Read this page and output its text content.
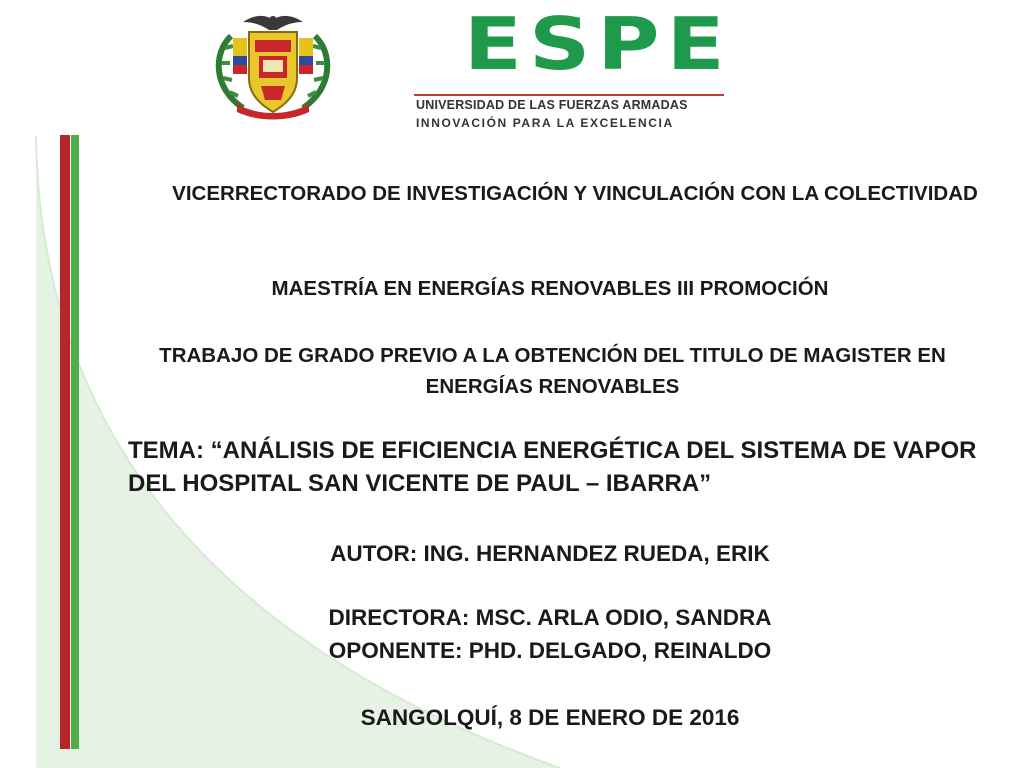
ESPE
UNIVERSIDAD DE LAS FUERZAS ARMADAS
INNOVACIÓN PARA LA EXCELENCIA
VICERRECTORADO DE INVESTIGACIÓN Y VINCULACIÓN CON LA COLECTIVIDAD
MAESTRÍA EN ENERGÍAS RENOVABLES III PROMOCIÓN
TRABAJO DE GRADO PREVIO A LA OBTENCIÓN DEL TITULO DE MAGISTER EN ENERGÍAS RENOVABLES
TEMA: “ANÁLISIS DE EFICIENCIA ENERGÉTICA DEL SISTEMA DE VAPOR DEL HOSPITAL SAN VICENTE DE PAUL – IBARRA”
AUTOR: ING. HERNANDEZ RUEDA, ERIK
DIRECTORA: MSC. ARLA ODIO, SANDRA
OPONENTE: PHD. DELGADO, REINALDO
SANGOLQUÍ, 8 DE ENERO DE 2016
